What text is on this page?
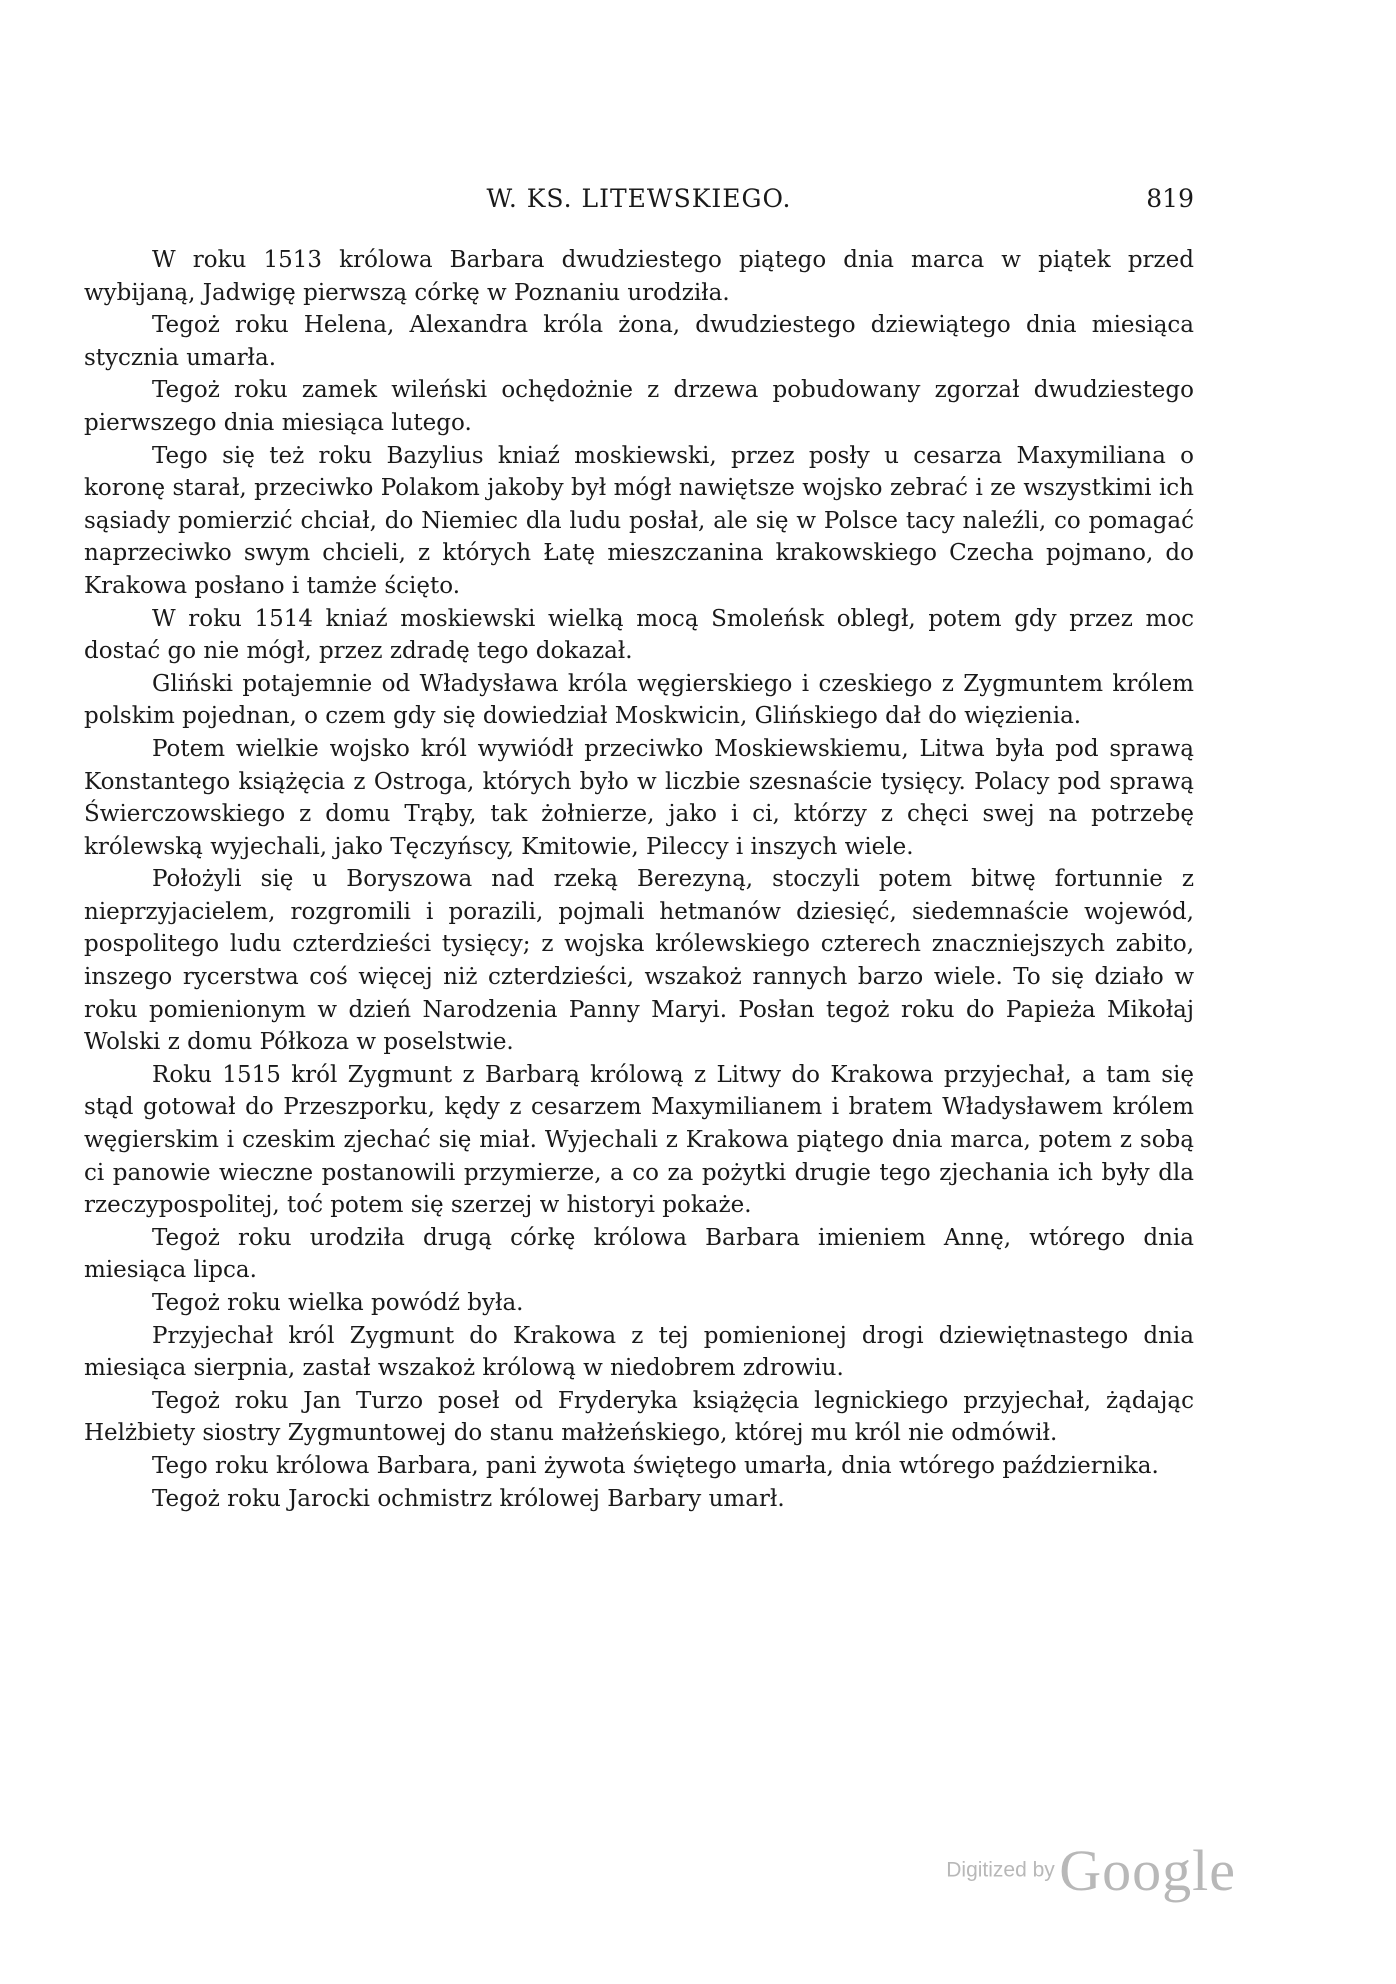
W. KS. LITEWSKIEGO.	819

W roku 1513 królowa Barbara dwudziestego piątego dnia marca w piątek przed wybijaną, Jadwigę pierwszą córkę w Poznaniu urodziła.

Tegoż roku Helena, Alexandra króla żona, dwudziestego dziewiątego dnia miesiąca stycznia umarła.

Tegoż roku zamek wileński ochędożnie z drzewa pobudowany zgorzał dwudziestego pierwszego dnia miesiąca lutego.

Tego się też roku Bazylius kniaź moskiewski, przez posły u cesarza Maxymiliana o koronę starał, przeciwko Polakom jakoby był mógł nawiętsze wojsko zebrać i ze wszystkimi ich sąsiady pomierzić chciał, do Niemiec dla ludu posłał, ale się w Polsce tacy naleźli, co pomagać naprzeciwko swym chcieli, z których Łatę mieszczanina krakowskiego Czecha pojmano, do Krakowa posłano i tamże ścięto.

W roku 1514 kniaź moskiewski wielką mocą Smoleńsk obległ, potem gdy przez moc dostać go nie mógł, przez zdradę tego dokazał.

Gliński potajemnie od Władysława króla węgierskiego i czeskiego z Zygmuntem królem polskim pojednan, o czem gdy się dowiedział Moskwicin, Glińskiego dał do więzienia.

Potem wielkie wojsko król wywiódł przeciwko Moskiewskiemu, Litwa była pod sprawą Konstantego książęcia z Ostroga, których było w liczbie szesnaście tysięcy. Polacy pod sprawą Świerczowskiego z domu Trąby, tak żołnierze, jako i ci, którzy z chęci swej na potrzebę królewską wyjechali, jako Tęczyńscy, Kmitowie, Pileccy i inszych wiele.

Położyli się u Boryszowa nad rzeką Berezyną, stoczyli potem bitwę fortunnie z nieprzyjacielem, rozgromili i porazili, pojmali hetmanów dziesięć, siedemnaście wojewód, pospolitego ludu czterdzieści tysięcy; z wojska królewskiego czterech znaczniejszych zabito, inszego rycerstwa coś więcej niż czterdzieści, wszakoż rannych barzo wiele. To się działo w roku pomienionym w dzień Narodzenia Panny Maryi. Posłan tegoż roku do Papieża Mikołaj Wolski z domu Półkoza w poselstwie.

Roku 1515 król Zygmunt z Barbarą królową z Litwy do Krakowa przyjechał, a tam się stąd gotował do Przeszporku, kędy z cesarzem Maxymilianem i bratem Władysławem królem węgierskim i czeskim zjechać się miał. Wyjechali z Krakowa piątego dnia marca, potem z sobą ci panowie wieczne postanowili przymierze, a co za pożytki drugie tego zjechania ich były dla rzeczypospolitej, toć potem się szerzej w historyi pokaże.

Tegoż roku urodziła drugą córkę królowa Barbara imieniem Annę, wtórego dnia miesiąca lipca.

Tegoż roku wielka powódź była.

Przyjechał król Zygmunt do Krakowa z tej pomienionej drogi dziewiętnastego dnia miesiąca sierpnia, zastał wszakoż królową w niedobrem zdrowiu.

Tegoż roku Jan Turzo poseł od Fryderyka książęcia legnickiego przyjechał, żądając Helżbiety siostry Zygmuntowej do stanu małżeńskiego, której mu król nie odmówił.

Tego roku królowa Barbara, pani żywota świętego umarła, dnia wtórego października.

Tegoż roku Jarocki ochmistrz królowej Barbary umarł.

Digitized by Google
